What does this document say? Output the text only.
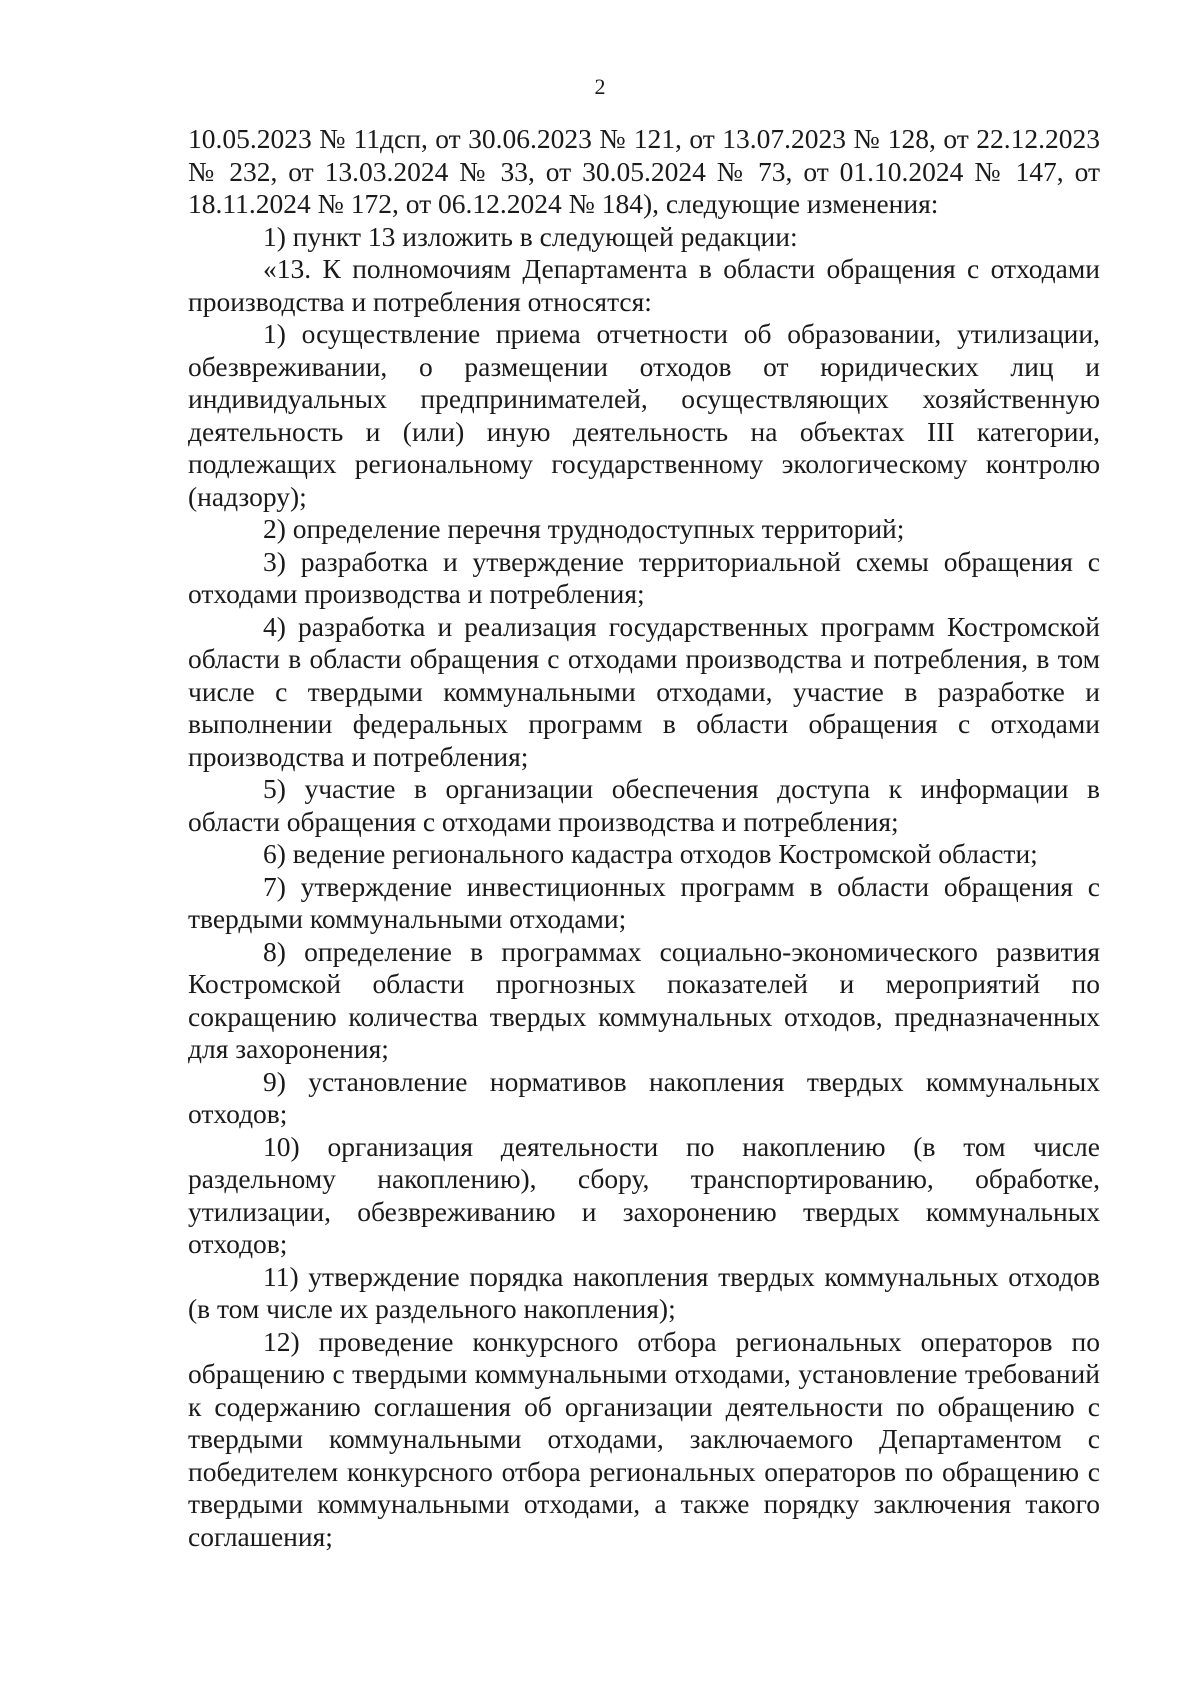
2

10.05.2023 № 11дсп, от 30.06.2023 № 121, от 13.07.2023 № 128, от 22.12.2023 № 232, от 13.03.2024 № 33, от 30.05.2024 № 73, от 01.10.2024 № 147, от 18.11.2024 № 172, от 06.12.2024 № 184), следующие изменения:

1) пункт 13 изложить в следующей редакции:

«13. К полномочиям Департамента в области обращения с отходами производства и потребления относятся:

1) осуществление приема отчетности об образовании, утилизации, обезвреживании, о размещении отходов от юридических лиц и индивидуальных предпринимателей, осуществляющих хозяйственную деятельность и (или) иную деятельность на объектах III категории, подлежащих региональному государственному экологическому контролю (надзору);

2) определение перечня труднодоступных территорий;

3) разработка и утверждение территориальной схемы обращения с отходами производства и потребления;

4) разработка и реализация государственных программ Костромской области в области обращения с отходами производства и потребления, в том числе с твердыми коммунальными отходами, участие в разработке и выполнении федеральных программ в области обращения с отходами производства и потребления;

5) участие в организации обеспечения доступа к информации в области обращения с отходами производства и потребления;

6) ведение регионального кадастра отходов Костромской области;

7) утверждение инвестиционных программ в области обращения с твердыми коммунальными отходами;

8) определение в программах социально-экономического развития Костромской области прогнозных показателей и мероприятий по сокращению количества твердых коммунальных отходов, предназначенных для захоронения;

9) установление нормативов накопления твердых коммунальных отходов;

10) организация деятельности по накоплению (в том числе раздельному накоплению), сбору, транспортированию, обработке, утилизации, обезвреживанию и захоронению твердых коммунальных отходов;

11) утверждение порядка накопления твердых коммунальных отходов (в том числе их раздельного накопления);

12) проведение конкурсного отбора региональных операторов по обращению с твердыми коммунальными отходами, установление требований к содержанию соглашения об организации деятельности по обращению с твердыми коммунальными отходами, заключаемого Департаментом с победителем конкурсного отбора региональных операторов по обращению с твердыми коммунальными отходами, а также порядку заключения такого соглашения;
